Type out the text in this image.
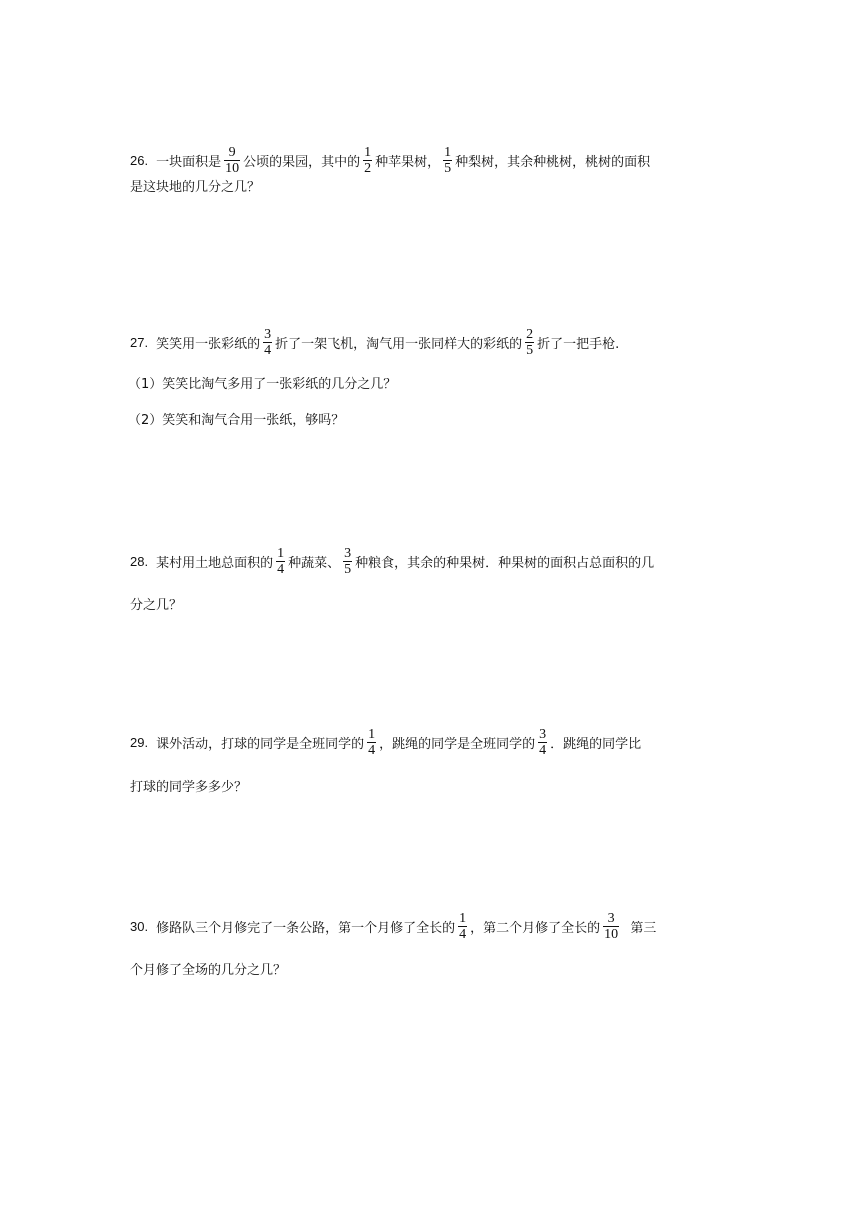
26. 一块面积是 $\frac{9}{10}$ 公顷的果园，其中的 $\frac{1}{2}$ 种苹果树， $\frac{1}{5}$ 种梨树，其余种桃树，桃树的面积
是这块地的几分之几？
27. 笑笑用一张彩纸的 $\frac{3}{4}$ 折了一架飞机，淘气用一张同样大的彩纸的 $\frac{2}{5}$ 折了一把手枪.
（1）笑笑比淘气多用了一张彩纸的几分之几？
（2）笑笑和淘气合用一张纸，够吗？
28. 某村用土地总面积的 $\frac{1}{4}$ 种蔬菜、 $\frac{3}{5}$ 种粮食，其余的种果树．种果树的面积占总面积的几
分之几？
29. 课外活动，打球的同学是全班同学的 $\frac{1}{4}$ ，跳绳的同学是全班同学的 $\frac{3}{4}$ ．跳绳的同学比
打球的同学多多少？
30. 修路队三个月修完了一条公路，第一个月修了全长的 $\frac{1}{4}$ ，第二个月修了全长的 $\frac{3}{10}$ 第三
个月修了全场的几分之几？
